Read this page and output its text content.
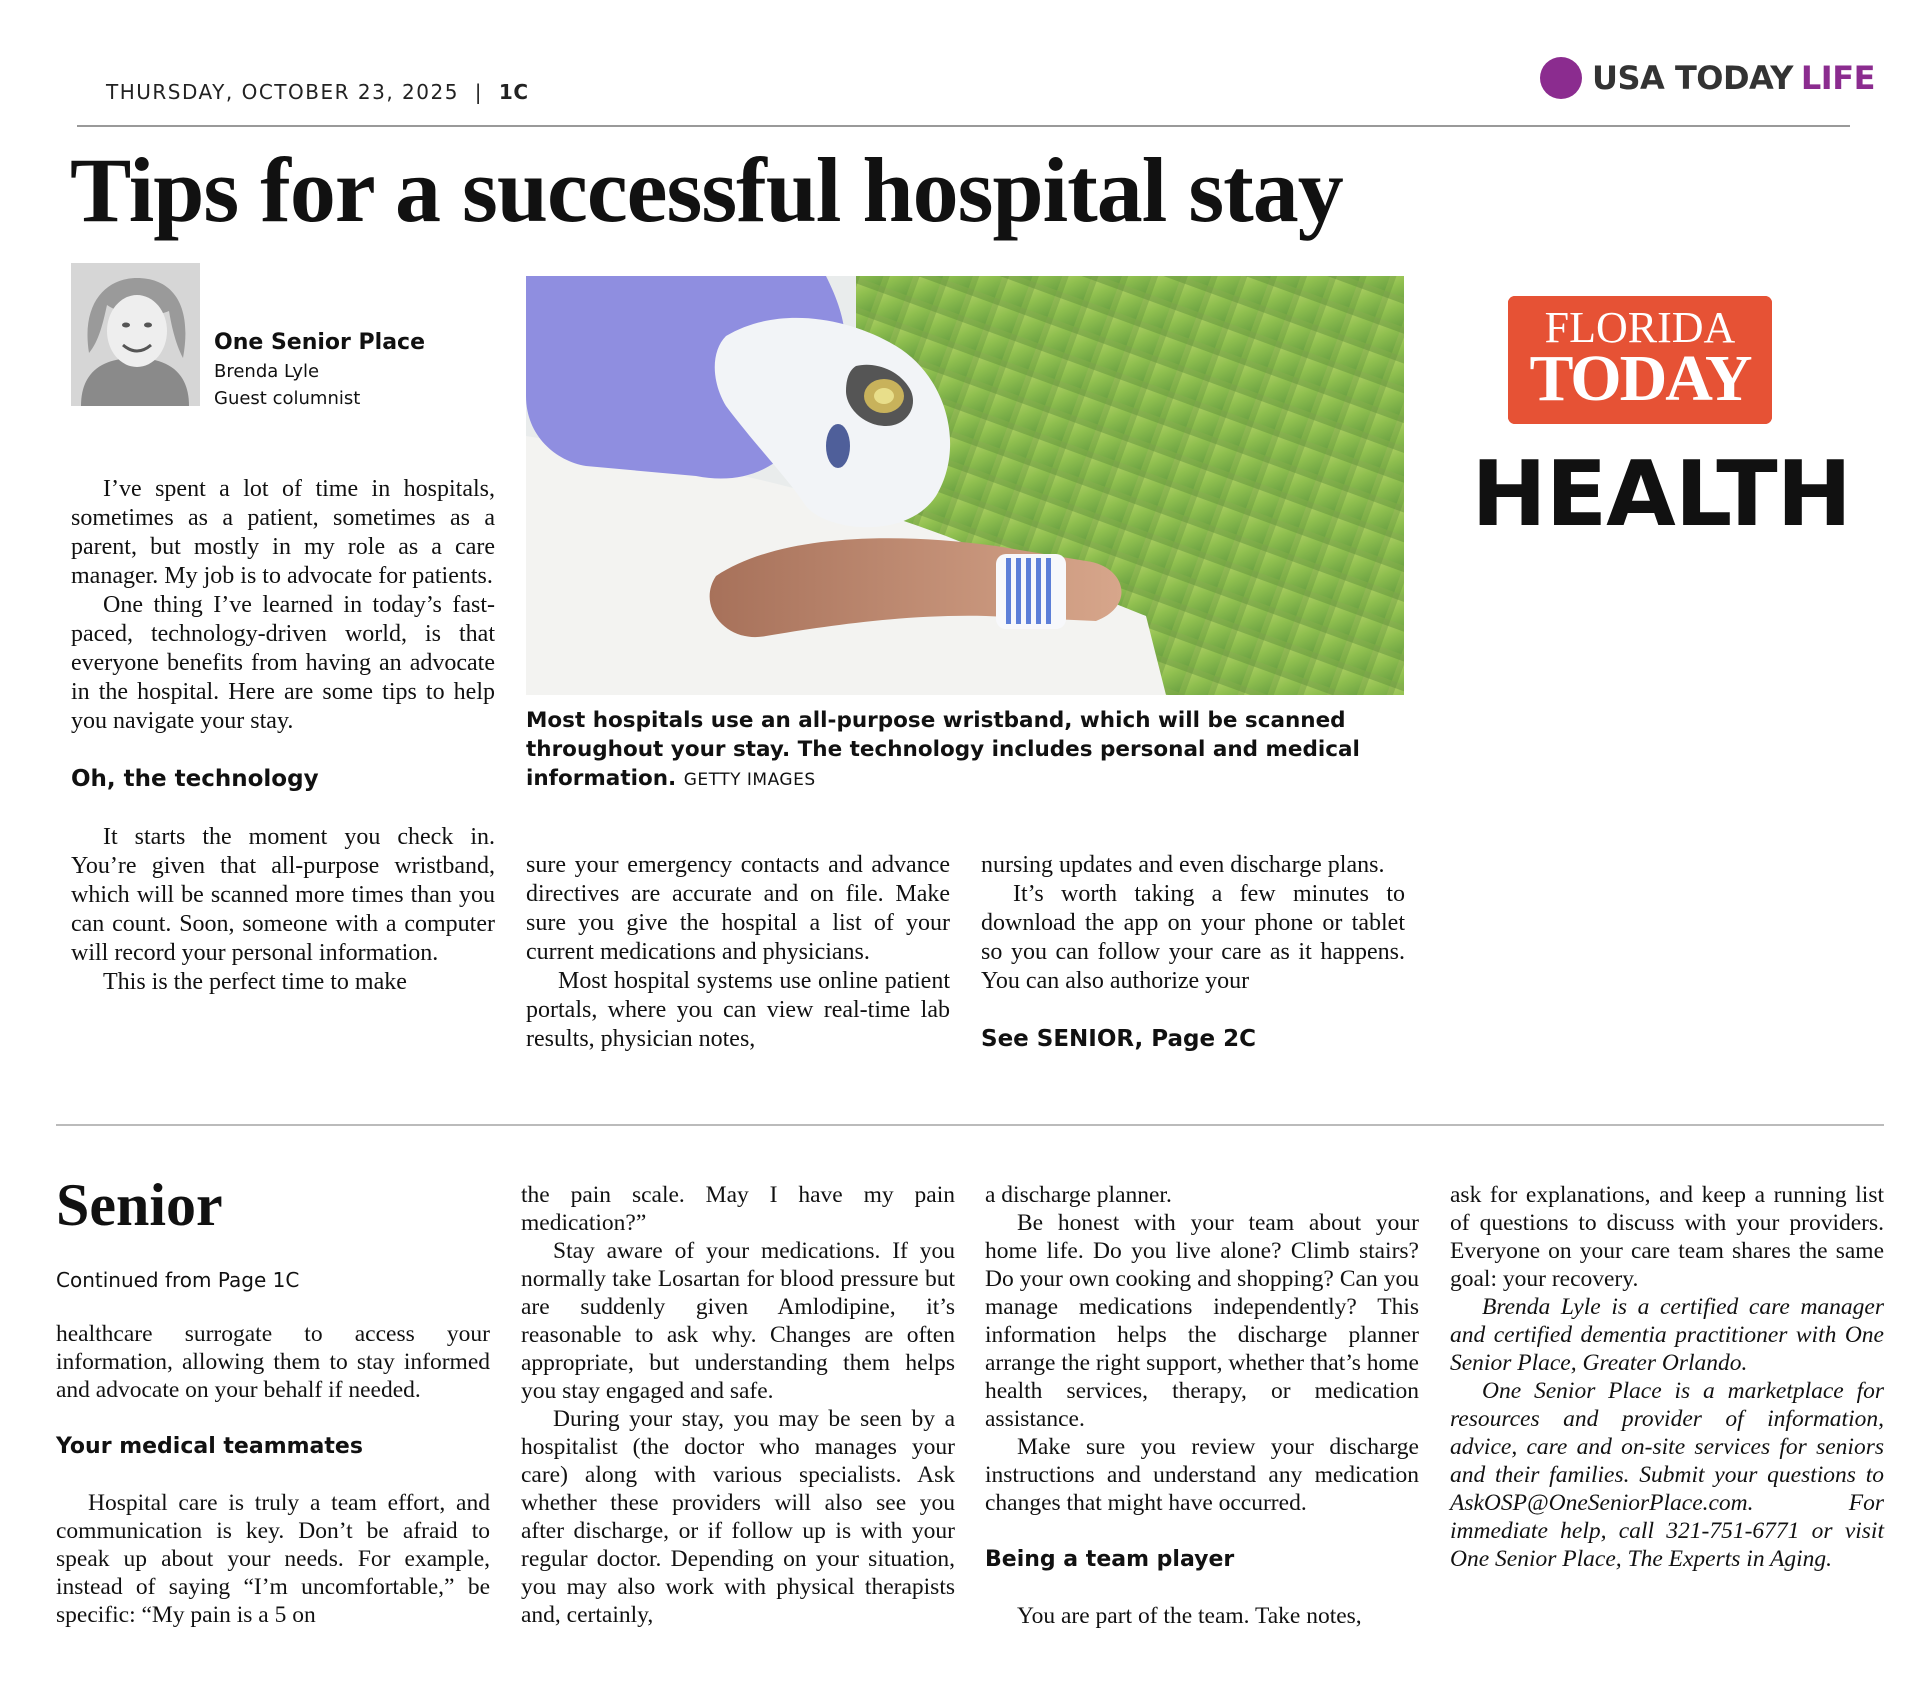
THURSDAY, OCTOBER 23, 2025 | 1C	USA TODAY LIFE
Tips for a successful hospital stay
One Senior Place
Brenda Lyle
Guest columnist
Most hospitals use an all-purpose wristband, which will be scanned throughout your stay. The technology includes personal and medical information. GETTY IMAGES
FLORIDA
TODAY
HEALTH

I’ve spent a lot of time in hospitals, sometimes as a patient, sometimes as a parent, but mostly in my role as a care manager. My job is to advocate for patients.

One thing I’ve learned in today’s fast-paced, technology-driven world, is that everyone benefits from having an advocate in the hospital. Here are some tips to help you navigate your stay.

Oh, the technology

It starts the moment you check in. You’re given that all-purpose wristband, which will be scanned more times than you can count. Soon, someone with a computer will record your personal information.

This is the perfect time to make

sure your emergency contacts and advance directives are accurate and on file. Make sure you give the hospital a list of your current medications and physicians.

Most hospital systems use online patient portals, where you can view real-time lab results, physician notes,

nursing updates and even discharge plans.

It’s worth taking a few minutes to download the app on your phone or tablet so you can follow your care as it happens. You can also authorize your

See SENIOR, Page 2C
Senior
Continued from Page 1C

healthcare surrogate to access your information, allowing them to stay informed and advocate on your behalf if needed.

Your medical teammates

Hospital care is truly a team effort, and communication is key. Don’t be afraid to speak up about your needs. For example, instead of saying “I’m uncomfortable,” be specific: “My pain is a 5 on

the pain scale. May I have my pain medication?”

Stay aware of your medications. If you normally take Losartan for blood pressure but are suddenly given Amlodipine, it’s reasonable to ask why. Changes are often appropriate, but understanding them helps you stay engaged and safe.

During your stay, you may be seen by a hospitalist (the doctor who manages your care) along with various specialists. Ask whether these providers will also see you after discharge, or if follow up is with your regular doctor. Depending on your situation, you may also work with physical therapists and, certainly,

a discharge planner.

Be honest with your team about your home life. Do you live alone? Climb stairs? Do your own cooking and shopping? Can you manage medications independently? This information helps the discharge planner arrange the right support, whether that’s home health services, therapy, or medication assistance.

Make sure you review your discharge instructions and understand any medication changes that might have occurred.

Being a team player

You are part of the team. Take notes,

ask for explanations, and keep a running list of questions to discuss with your providers. Everyone on your care team shares the same goal: your recovery.

Brenda Lyle is a certified care manager and certified dementia practitioner with One Senior Place, Greater Orlando.

One Senior Place is a marketplace for resources and provider of information, advice, care and on-site services for seniors and their families. Submit your questions to AskOSP@OneSeniorPlace.com. For immediate help, call 321-751-6771 or visit One Senior Place, The Experts in Aging.
